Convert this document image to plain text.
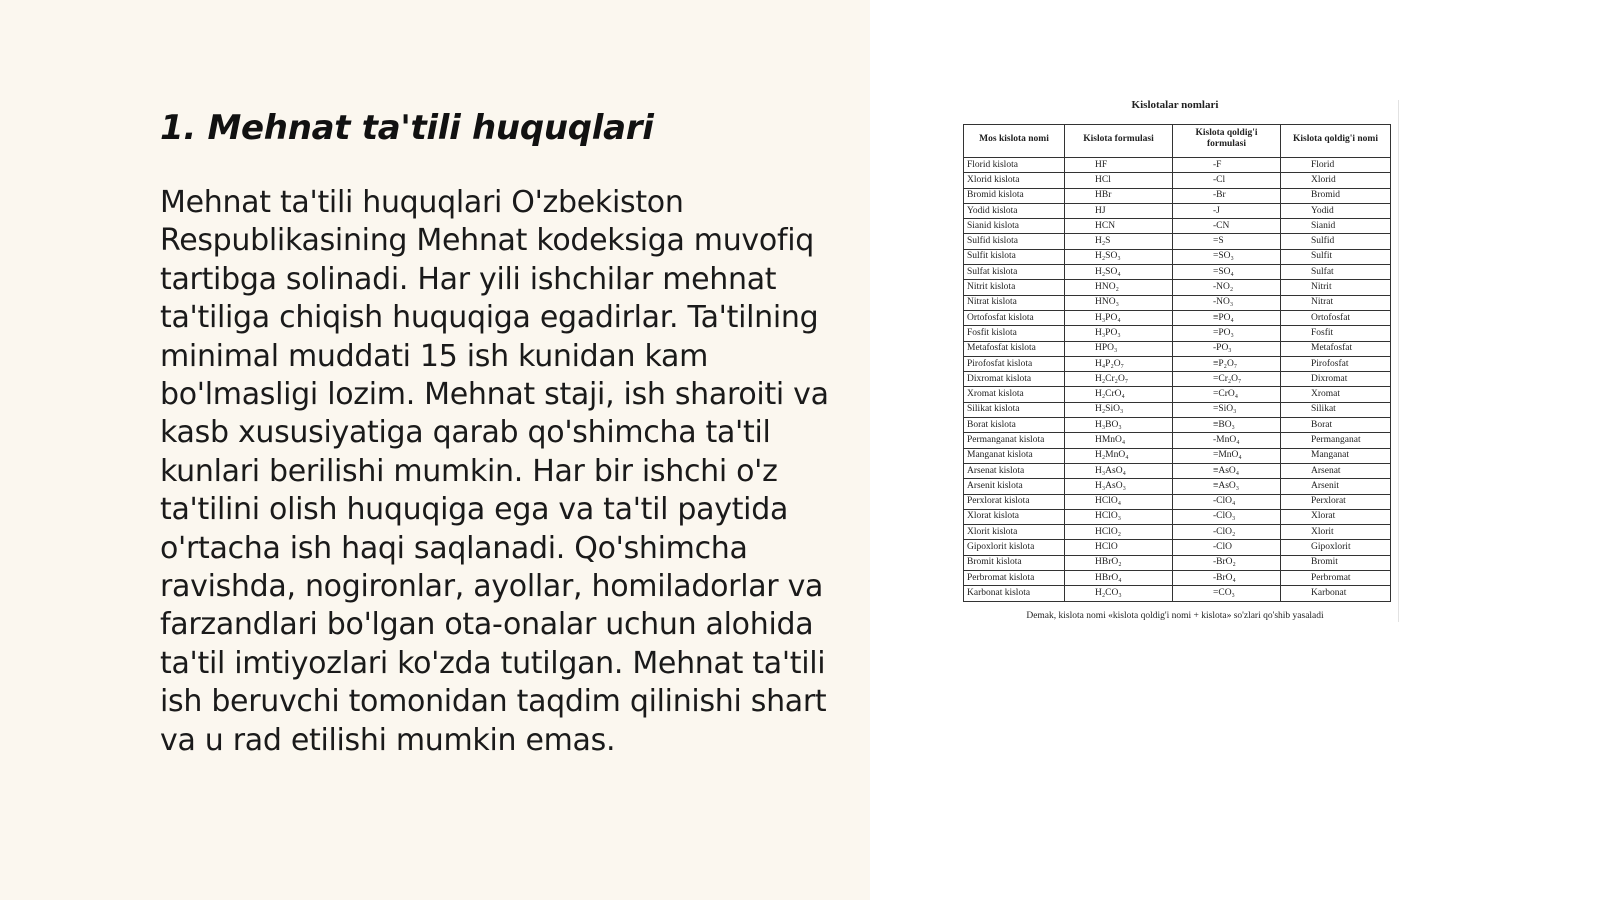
1. Mehnat ta'tili huquqlari

Mehnat ta'tili huquqlari O'zbekiston Respublikasining Mehnat kodeksiga muvofiq tartibga solinadi. Har yili ishchilar mehnat ta'tiliga chiqish huquqiga egadirlar. Ta'tilning minimal muddati 15 ish kunidan kam bo'lmasligi lozim. Mehnat staji, ish sharoiti va kasb xususiyatiga qarab qo'shimcha ta'til kunlari berilishi mumkin. Har bir ishchi o'z ta'tilini olish huquqiga ega va ta'til paytida o'rtacha ish haqi saqlanadi. Qo'shimcha ravishda, nogironlar, ayollar, homiladorlar va farzandlari bo'lgan ota-onalar uchun alohida ta'til imtiyozlari ko'zda tutilgan. Mehnat ta'tili ish beruvchi tomonidan taqdim qilinishi shart va u rad etilishi mumkin emas.

Kislotalar nomlari
Mos kislota nomi	Kislota formulasi	Kislota qoldig'i formulasi	Kislota qoldig'i nomi
Florid kislota	HF	-F	Florid
Xlorid kislota	HCl	-Cl	Xlorid
Bromid kislota	HBr	-Br	Bromid
Yodid kislota	HJ	-J	Yodid
Sianid kislota	HCN	-CN	Sianid
Sulfid kislota	H₂S	=S	Sulfid
Sulfit kislota	H₂SO₃	=SO₃	Sulfit
Sulfat kislota	H₂SO₄	=SO₄	Sulfat
Nitrit kislota	HNO₂	-NO₂	Nitrit
Nitrat kislota	HNO₃	-NO₃	Nitrat
Ortofosfat kislota	H₃PO₄	≡PO₄	Ortofosfat
Fosfit kislota	H₃PO₃	=PO₃	Fosfit
Metafosfat kislota	HPO₃	-PO₃	Metafosfat
Pirofosfat kislota	H₄P₂O₇	≡P₂O₇	Pirofosfat
Dixromat kislota	H₂Cr₂O₇	=Cr₂O₇	Dixromat
Xromat kislota	H₂CrO₄	=CrO₄	Xromat
Silikat kislota	H₂SiO₃	=SiO₃	Silikat
Borat kislota	H₃BO₃	≡BO₃	Borat
Permanganat kislota	HMnO₄	-MnO₄	Permanganat
Manganat kislota	H₂MnO₄	=MnO₄	Manganat
Arsenat kislota	H₃AsO₄	≡AsO₄	Arsenat
Arsenit kislota	H₃AsO₃	≡AsO₃	Arsenit
Perxlorat kislota	HClO₄	-ClO₄	Perxlorat
Xlorat kislota	HClO₃	-ClO₃	Xlorat
Xlorit kislota	HClO₂	-ClO₂	Xlorit
Gipoxlorit kislota	HClO	-ClO	Gipoxlorit
Bromit kislota	HBrO₂	-BrO₂	Bromit
Perbromat kislota	HBrO₄	-BrO₄	Perbromat
Karbonat kislota	H₂CO₃	=CO₃	Karbonat
Demak, kislota nomi «kislota qoldig'i nomi + kislota» so'zlari qo'shib yasaladi
